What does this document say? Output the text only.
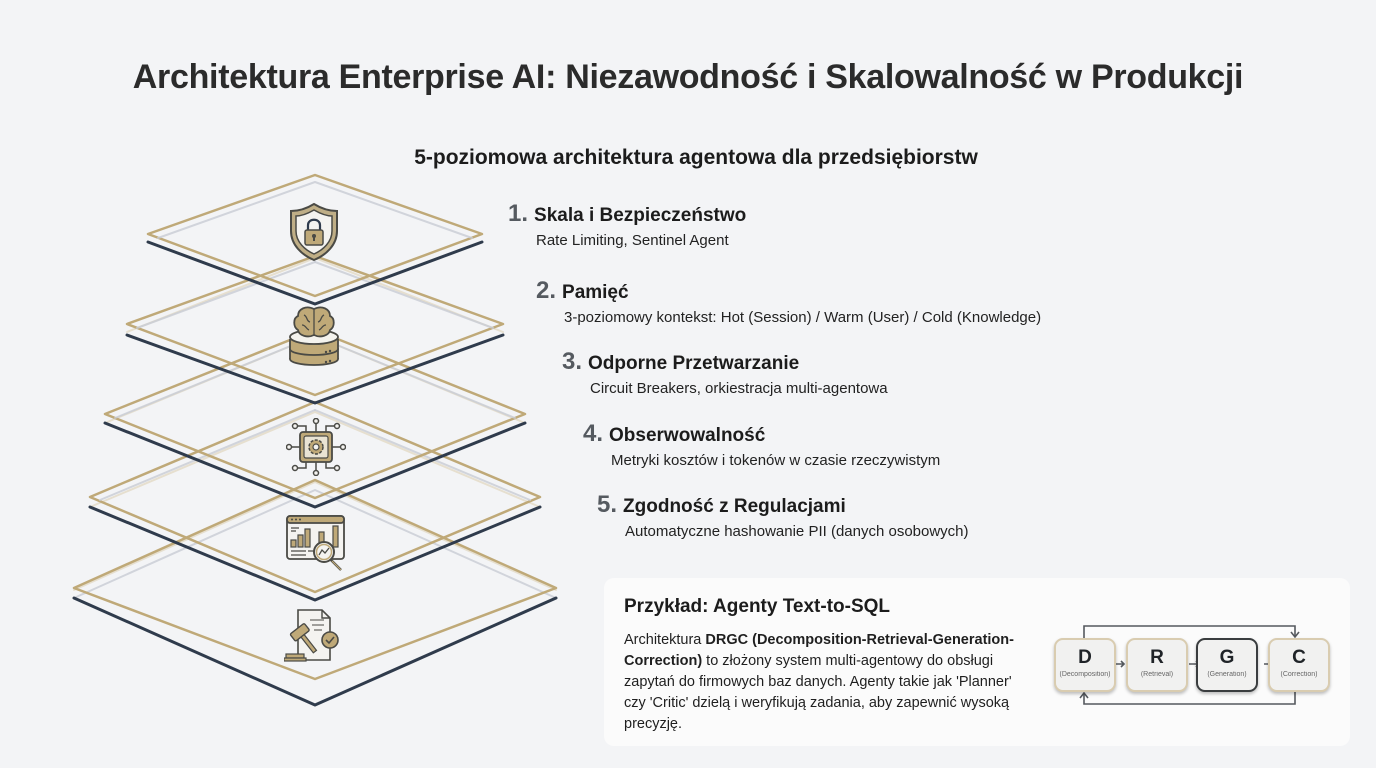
Architektura Enterprise AI: Niezawodność i Skalowalność w Produkcji
5-poziomowa architektura agentowa dla przedsiębiorstw
1. Skala i Bezpieczeństwo
Rate Limiting, Sentinel Agent
2. Pamięć
3-poziomowy kontekst: Hot (Session) / Warm (User) / Cold (Knowledge)
3. Odporne Przetwarzanie
Circuit Breakers, orkiestracja multi-agentowa
4. Obserwowalność
Metryki kosztów i tokenów w czasie rzeczywistym
5. Zgodność z Regulacjami
Automatyczne hashowanie PII (danych osobowych)
Przykład: Agenty Text-to-SQL
Architektura DRGC (Decomposition-Retrieval-Generation-Correction) to złożony system multi-agentowy do obsługi zapytań do firmowych baz danych. Agenty takie jak 'Planner' czy 'Critic' dzielą i weryfikują zadania, aby zapewnić wysoką precyzję.
D
(Decomposition)
R
(Retrieval)
G
(Generation)
C
(Correction)
